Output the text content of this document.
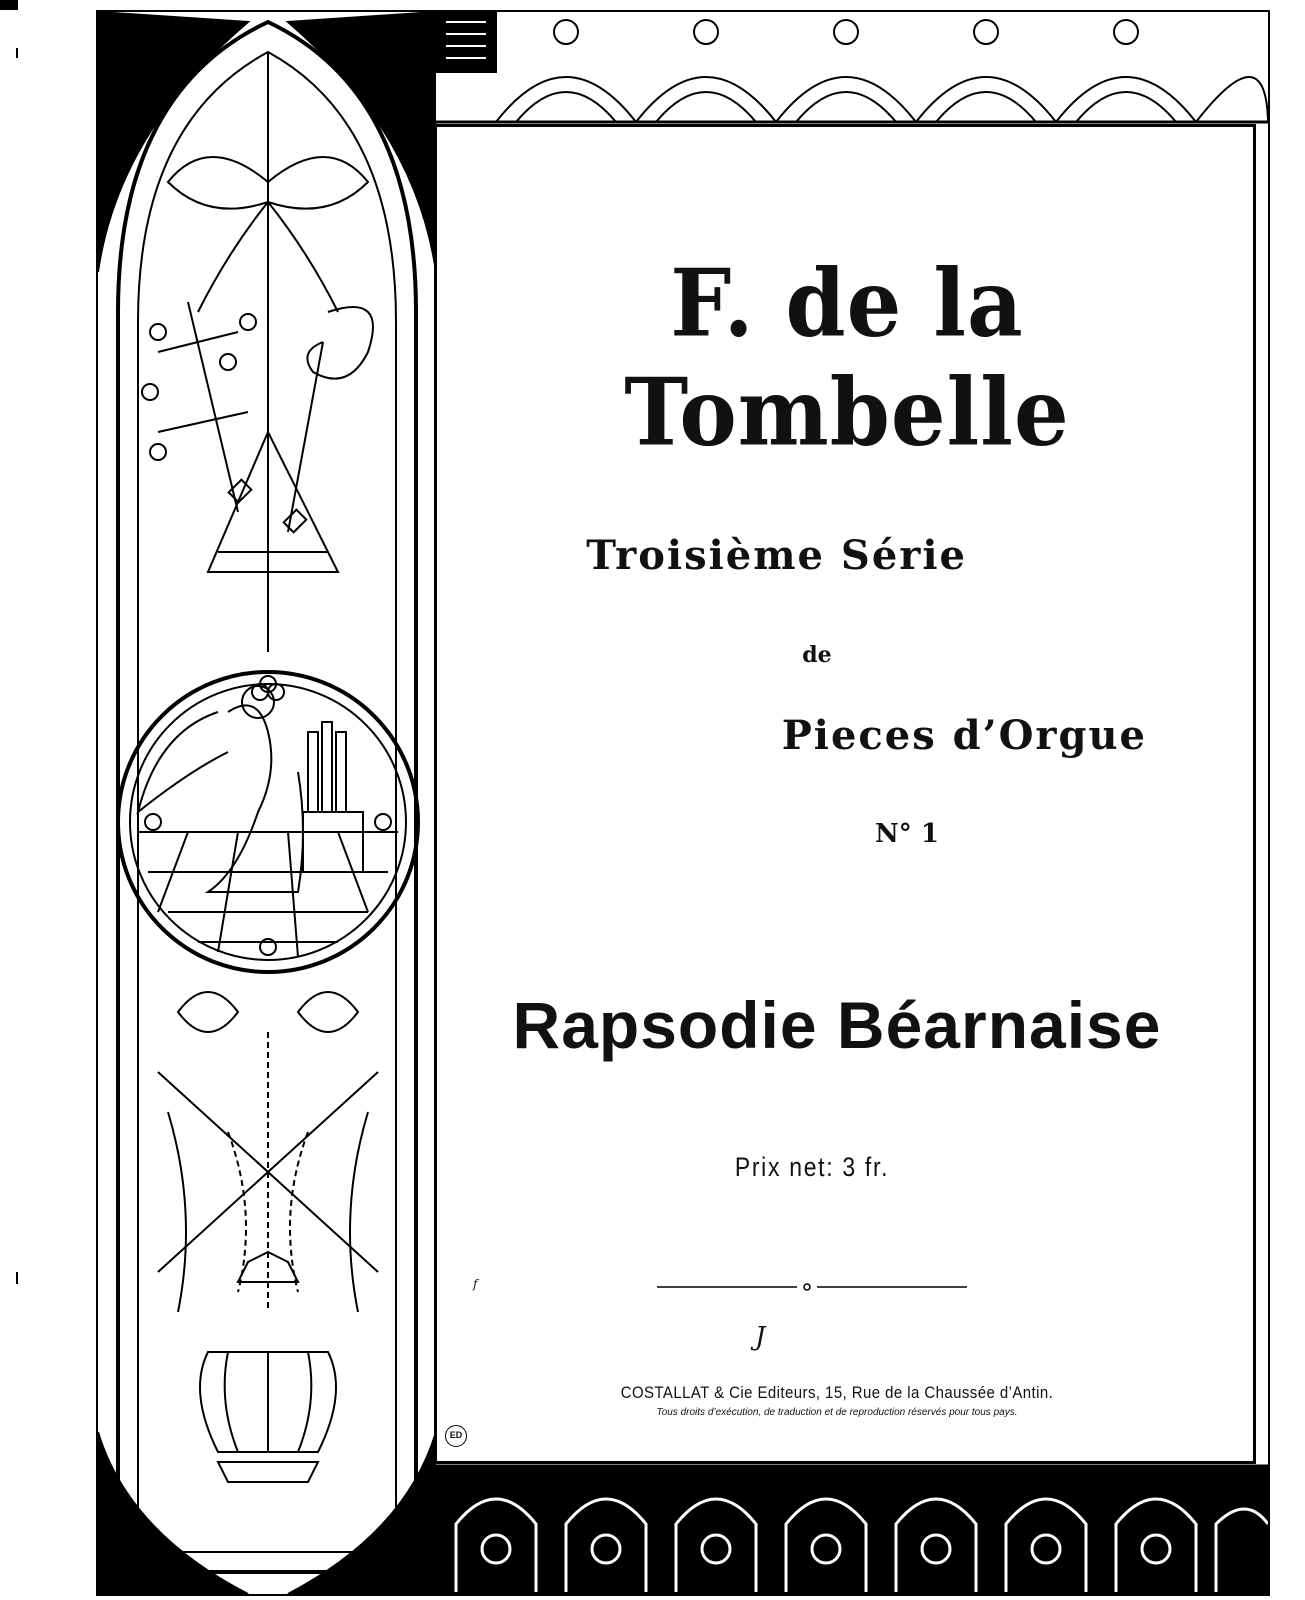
F. de la Tombelle
Troisième Série
de
Pieces d’Orgue
N° 1
Rapsodie Béarnaise
Prix net: 3 fr.
f
J
COSTALLAT & Cie Editeurs, 15, Rue de la Chaussée d’Antin.
Tous droits d’exécution, de traduction et de reproduction réservés pour tous pays.
ED
